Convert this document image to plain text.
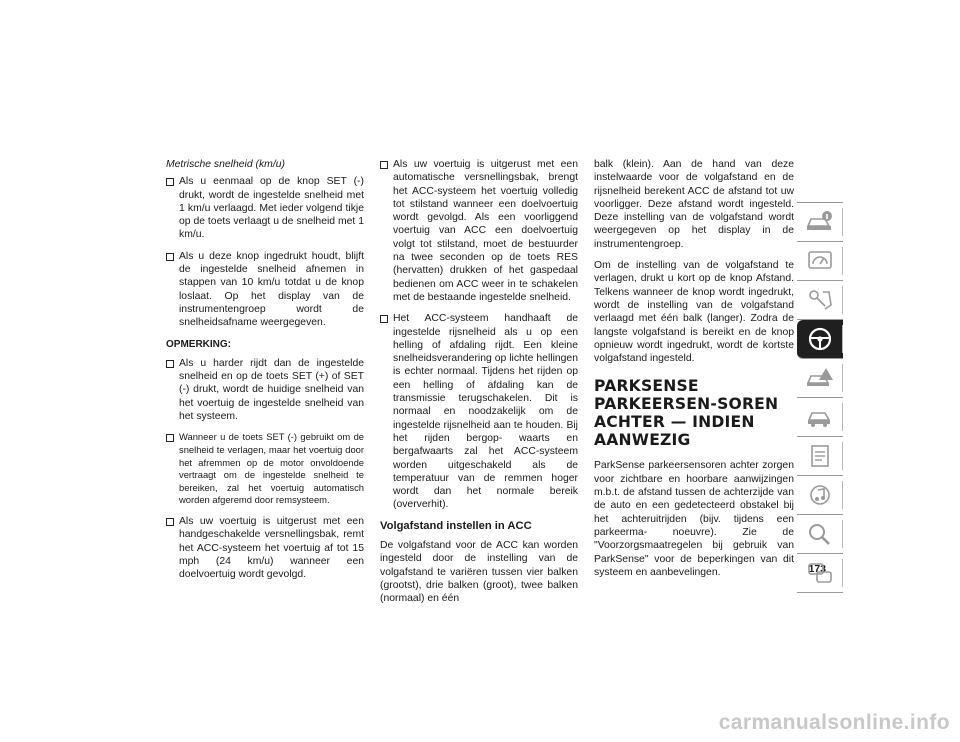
Metrische snelheid (km/u)

Als u eenmaal op de knop SET (-) drukt, wordt de ingestelde snelheid met 1 km/u verlaagd. Met ieder volgend tikje op de toets verlaagt u de snelheid met 1 km/u.
Als u deze knop ingedrukt houdt, blijft de ingestelde snelheid afnemen in stappen van 10 km/u totdat u de knop loslaat. Op het display van de instrumentengroep wordt de snelheidsafname weergegeven.

OPMERKING:

Als u harder rijdt dan de ingestelde snelheid en op de toets SET (+) of SET (-) drukt, wordt de huidige snelheid van het voertuig de ingestelde snelheid van het systeem.
Wanneer u de toets SET (-) gebruikt om de snelheid te verlagen, maar het voertuig door het afremmen op de motor onvoldoende vertraagt om de ingestelde snelheid te bereiken, zal het voertuig automatisch worden afgeremd door remsysteem.
Als uw voertuig is uitgerust met een handgeschakelde versnellingsbak, remt het ACC-systeem het voertuig af tot 15 mph (24 km/u) wanneer een doelvoertuig wordt gevolgd.
Als uw voertuig is uitgerust met een automatische versnellingsbak, brengt het ACC-systeem het voertuig volledig tot stilstand wanneer een doelvoertuig wordt gevolgd. Als een voorliggend voertuig van ACC een doelvoertuig volgt tot stilstand, moet de bestuurder na twee seconden op de toets RES (hervatten) drukken of het gaspedaal bedienen om ACC weer in te schakelen met de bestaande ingestelde snelheid.
Het ACC-systeem handhaaft de ingestelde rijsnelheid als u op een helling of afdaling rijdt. Een kleine snelheidsverandering op lichte hellingen is echter normaal. Tijdens het rijden op een helling of afdaling kan de transmissie terugschakelen. Dit is normaal en noodzakelijk om de ingestelde rijsnelheid aan te houden. Bij het rijden bergop- waarts en bergafwaarts zal het ACC-systeem worden uitgeschakeld als de temperatuur van de remmen hoger wordt dan het normale bereik (oververhit).

Volgafstand instellen in ACC

De volgafstand voor de ACC kan worden ingesteld door de instelling van de volgafstand te variëren tussen vier balken (grootst), drie balken (groot), twee balken (normaal) en één

balk (klein). Aan de hand van deze instelwaarde voor de volgafstand en de rijsnelheid berekent ACC de afstand tot uw voorligger. Deze afstand wordt ingesteld. Deze instelling van de volgafstand wordt weergegeven op het display in de instrumentengroep.

Om de instelling van de volgafstand te verlagen, drukt u kort op de knop Afstand. Telkens wanneer de knop wordt ingedrukt, wordt de instelling van de volgafstand verlaagd met één balk (langer). Zodra de langste volgafstand is bereikt en de knop opnieuw wordt ingedrukt, wordt de kortste volgafstand ingesteld.

PARKSENSE PARKEERSEN-SOREN ACHTER — INDIEN AANWEZIG

ParkSense parkeersensoren achter zorgen voor zichtbare en hoorbare aanwijzingen m.b.t. de afstand tussen de achterzijde van de auto en een gedetecteerd obstakel bij het achteruitrijden (bijv. tijdens een parkeerma- noeuvre). Zie de "Voorzorgsmaatregelen bij gebruik van ParkSense" voor de beperkingen van dit systeem en aanbevelingen.	173
carmanualsonline.info
